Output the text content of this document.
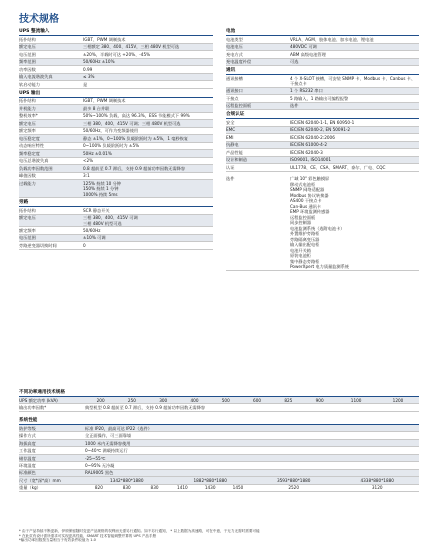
技术规格
UPS 整流输入
拓扑结构	IGBT、PWM 调制技术
额定电压	三相额定 380、400、415V，三相 480V 机型可选
电压范围	±20%，半载时可达 +20%、-45%
频率范围	50/60Hz ±10%
功率因数	0.99
输入电流谐波失真	≤ 3%
软启动能力	是
UPS 输出
拓扑结构	IGBT、PWM 调制技术
并机能力	最多 8 台并联
整机效率*	50%~100% 负载，高达 96.3%，ESS 节能模式下 99%
额定电压	三相 380、400、415V 可调；三相 480V 机型可选
额定频率	50/60Hz，可作为变频器使用
电压稳定度	静态 ±1%，0~100% 负载阶跃时为 ±5%，1 毫秒恢复
动态响应特性	0~100% 负载阶跃时为 ±5%
频率稳定度	50Hz ±0.01%
电压总谐波失真	<2%
负载功率因数范围	0.8 超前至 0.7 滞后，支持 0.9 超前功率因数无需降容
峰值因数	3:1
过载能力	125% 持续 10 分钟
150% 持续 1 分钟
1000% 持续 5ms
旁路
拓扑结构	SCR 静态开关
额定电压	三相 380、400、415V 可调
三相 480V 机型可选
额定频率	50/60Hz
电压范围	±10% 可调
旁路逆变器切换时间	0
电池
电池类型	VRLA、AGM、胶体电池、加水电池、锂电池
电池电压	480VDC 可调
充电方式	ABM 高级电池管理
充电温度补偿	可选
通讯
通讯接槽	4 个 X-SLOT 接槽，可安装 SNMP 卡、Modbus 卡、Canbus 卡、干接点卡
通讯接口	1 个 RS232 串口
干接点	5 路输入，1 路输出可编程报警
远程监控面板	选件
合规认证
安全	IEC/EN 62040-1-1, EN 60950-1
EMC	IEC/EN 62040-2, EN 50091-2
EMI	IEC/EN 62040-2:2006
抗静电	IEC/EN 61000-4-2
产品性能	IEC/EN 62040-3
设计和制造	ISO9001, ISO14001
认证	UL1778、CE、CSA、SMART、泰尔、广电、CQC
选件	广域 10" 彩色触摸屏
移动式电池柜
SNMP 网络适配器
Modbus 协议转换器
AS400 干接点卡
Can-Bus 通讯卡
EMP 环境监测传感器
远程监控面板
同步控制器
电池监测系统（选附电池卡）
外置维护旁路柜
旁路隔离变压器
输入输出配电柜
电池开关箱
原装电池柜
集中静态旁路柜
PowerXpert 电力质量监测系统
不同功率通用技术规格
UPS 额定功率 (kVA)	200	250	300	400	500	600	825	900	1100	1200
输出功率因数*	典型机型 0.8 超前至 0.7 滞后，支持 0.9 超前功率因数无需降容									
系统性能
防护等级	标准 IP20，最高可达 IP22（选件）							
操作方式	全正面操作，可三面靠墙							
海拔高度	1000 米内无需降容使用							
工作温度	0~40℃ 满载持续运行							
储存温度	-25~55℃							
环境湿度	0~95% 无冷凝							
标准颜色	RAL9005 黑色							
尺寸（宽*深*高）mm	1342*880*1880			1882*880*1880			3593*880*1880	4338*880*1880
重量（kg）	820	830	830	1410	1430	1450	2520	3120
* 由于产品持续不断更新，伊顿保留随时变更产品规格的权利而无需另行通知。如不另行通知， * 以上数据为高速路，可在中意，于无力无需时需要可能
* 在此页有设计需所需求可实现更高性能，SMART 技术智能调整并算的 UPS 产品手册
*输出功率因数按当量相当于有效条件取值为 1.0
